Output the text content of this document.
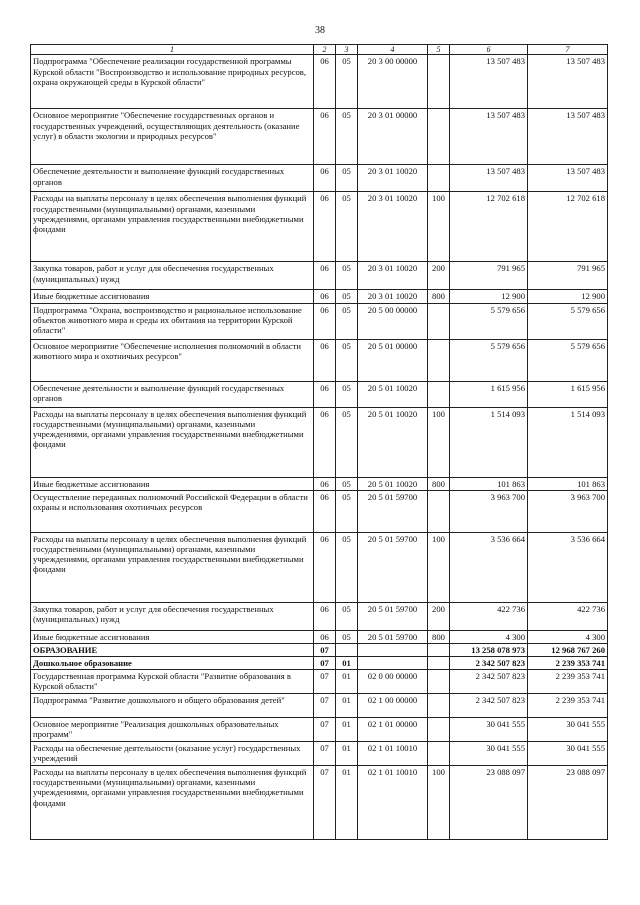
38
1	2	3	4	5	6	7
Подпрограмма "Обеспечение реализации государственной программы Курской области "Воспроизводство и использование природных ресурсов, охрана окружающей среды в Курской области"	06	05	20 3 00 00000		13 507 483	13 507 483
Основное мероприятие "Обеспечение государственных органов и государственных учреждений, осуществляющих деятельность (оказание услуг) в области экологии и природных ресурсов"	06	05	20 3 01 00000		13 507 483	13 507 483
Обеспечение деятельности и выполнение функций государственных органов	06	05	20 3 01 10020		13 507 483	13 507 483
Расходы на выплаты персоналу в целях обеспечения выполнения функций государственными (муниципальными) органами, казенными учреждениями, органами управления государственными внебюджетными фондами	06	05	20 3 01 10020	100	12 702 618	12 702 618
Закупка товаров, работ и услуг для обеспечения государственных (муниципальных) нужд	06	05	20 3 01 10020	200	791 965	791 965
Иные бюджетные ассигнования	06	05	20 3 01 10020	800	12 900	12 900
Подпрограмма "Охрана, воспроизводство и рациональное использование объектов животного мира и среды их обитания на территории Курской области"	06	05	20 5 00 00000		5 579 656	5 579 656
Основное мероприятие "Обеспечение исполнения полномочий в области животного мира и охотничьих ресурсов"	06	05	20 5 01 00000		5 579 656	5 579 656
Обеспечение деятельности и выполнение функций государственных органов	06	05	20 5 01 10020		1 615 956	1 615 956
Расходы на выплаты персоналу в целях обеспечения выполнения функций государственными (муниципальными) органами, казенными учреждениями, органами управления государственными внебюджетными фондами	06	05	20 5 01 10020	100	1 514 093	1 514 093
Иные бюджетные ассигнования	06	05	20 5 01 10020	800	101 863	101 863
Осуществление переданных полномочий Российской Федерации в области охраны и использования охотничьих ресурсов	06	05	20 5 01 59700		3 963 700	3 963 700
Расходы на выплаты персоналу в целях обеспечения выполнения функций государственными (муниципальными) органами, казенными учреждениями, органами управления государственными внебюджетными фондами	06	05	20 5 01 59700	100	3 536 664	3 536 664
Закупка товаров, работ и услуг для обеспечения государственных (муниципальных) нужд	06	05	20 5 01 59700	200	422 736	422 736
Иные бюджетные ассигнования	06	05	20 5 01 59700	800	4 300	4 300
ОБРАЗОВАНИЕ	07				13 258 078 973	12 968 767 260
Дошкольное образование	07	01			2 342 507 823	2 239 353 741
Государственная программа Курской области "Развитие образования в Курской области"	07	01	02 0 00 00000		2 342 507 823	2 239 353 741
Подпрограмма "Развитие дошкольного и общего образования детей"	07	01	02 1 00 00000		2 342 507 823	2 239 353 741
Основное мероприятие "Реализация дошкольных образовательных программ"	07	01	02 1 01 00000		30 041 555	30 041 555
Расходы на обеспечение деятельности (оказание услуг) государственных учреждений	07	01	02 1 01 10010		30 041 555	30 041 555
Расходы на выплаты персоналу в целях обеспечения выполнения функций государственными (муниципальными) органами, казенными учреждениями, органами управления государственными внебюджетными фондами	07	01	02 1 01 10010	100	23 088 097	23 088 097
